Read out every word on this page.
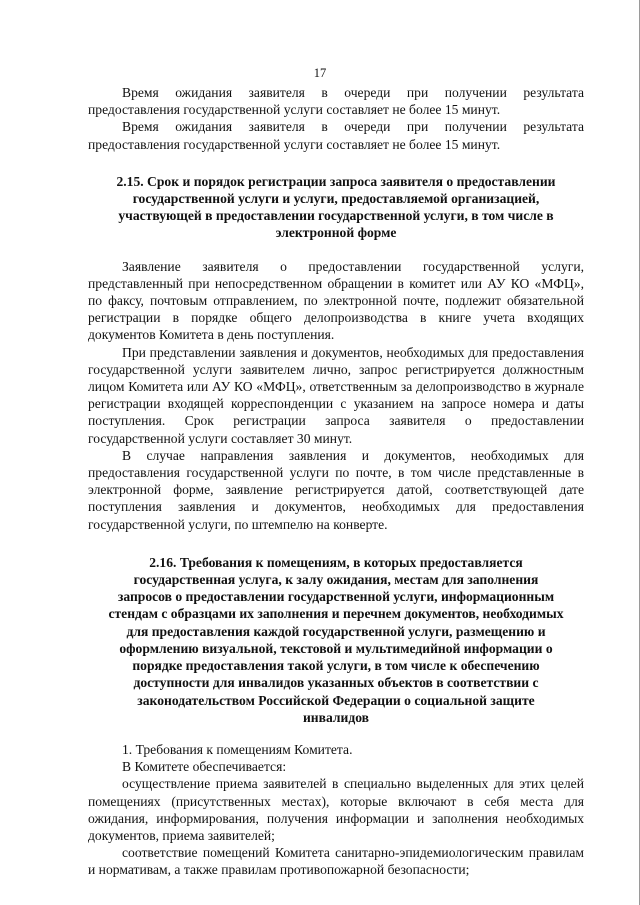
17

Время ожидания заявителя в очереди при получении результата предоставления государственной услуги составляет не более 15 минут.

Время ожидания заявителя в очереди при получении результата предоставления государственной услуги составляет не более 15 минут.

2.15. Срок и порядок регистрации запроса заявителя о предоставлении государственной услуги и услуги, предоставляемой организацией, участвующей в предоставлении государственной услуги, в том числе в электронной форме

Заявление заявителя о предоставлении государственной услуги, представленный при непосредственном обращении в комитет или АУ КО «МФЦ», по факсу, почтовым отправлением, по электронной почте, подлежит обязательной регистрации в порядке общего делопроизводства в книге учета входящих документов Комитета в день поступления.

При представлении заявления и документов, необходимых для предоставления государственной услуги заявителем лично, запрос регистрируется должностным лицом Комитета или АУ КО «МФЦ», ответственным за делопроизводство в журнале регистрации входящей корреспонденции с указанием на запросе номера и даты поступления. Срок регистрации запроса заявителя о предоставлении государственной услуги составляет 30 минут.

В случае направления заявления и документов, необходимых для предоставления государственной услуги по почте, в том числе представленные в электронной форме, заявление регистрируется датой, соответствующей дате поступления заявления и документов, необходимых для предоставления государственной услуги, по штемпелю на конверте.

2.16. Требования к помещениям, в которых предоставляется государственная услуга, к залу ожидания, местам для заполнения запросов о предоставлении государственной услуги, информационным стендам с образцами их заполнения и перечнем документов, необходимых для предоставления каждой государственной услуги, размещению и оформлению визуальной, текстовой и мультимедийной информации о порядке предоставления такой услуги, в том числе к обеспечению доступности для инвалидов указанных объектов в соответствии с законодательством Российской Федерации о социальной защите инвалидов

1. Требования к помещениям Комитета.

В Комитете обеспечивается:

осуществление приема заявителей в специально выделенных для этих целей помещениях (присутственных местах), которые включают в себя места для ожидания, информирования, получения информации и заполнения необходимых документов, приема заявителей;

соответствие помещений Комитета санитарно-эпидемиологическим правилам и нормативам, а также правилам противопожарной безопасности;
